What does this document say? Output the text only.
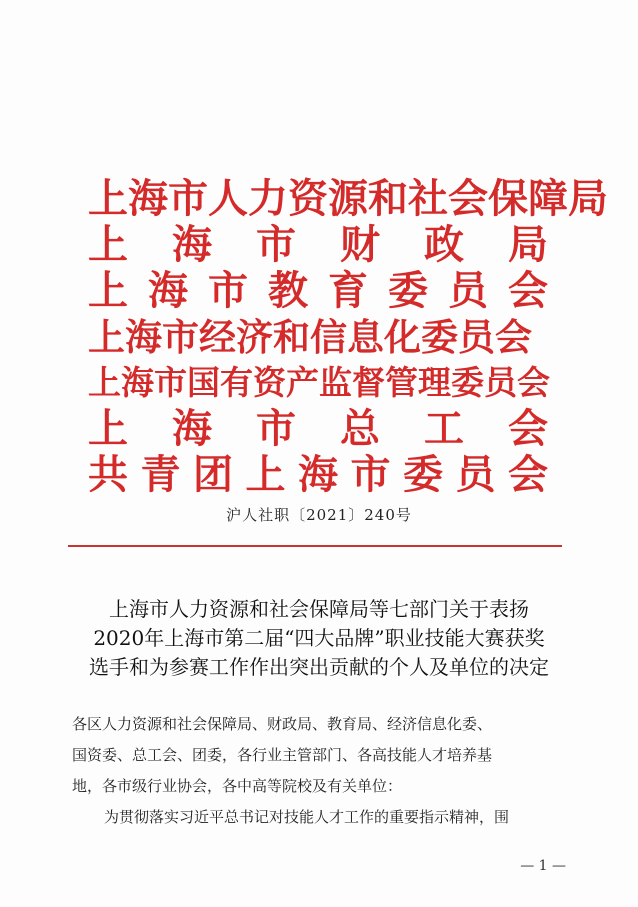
上海市人力资源和社会保障局
上 海 市 财 政 局
上 海 市 教 育 委 员 会
上海市经济和信息化委员会
上海市国有资产监督管理委员会
上 海 市 总 工 会
共 青 团 上 海 市 委 员 会
沪人社职〔2021〕240号
上海市人力资源和社会保障局等七部门关于表扬
2020年上海市第二届“四大品牌”职业技能大赛获奖
选手和为参赛工作作出突出贡献的个人及单位的决定
各区人力资源和社会保障局、财政局、教育局、经济信息化委、
国资委、总工会、团委，各行业主管部门、各高技能人才培养基
地，各市级行业协会，各中高等院校及有关单位：
为贯彻落实习近平总书记对技能人才工作的重要指示精神，围
— 1 —
